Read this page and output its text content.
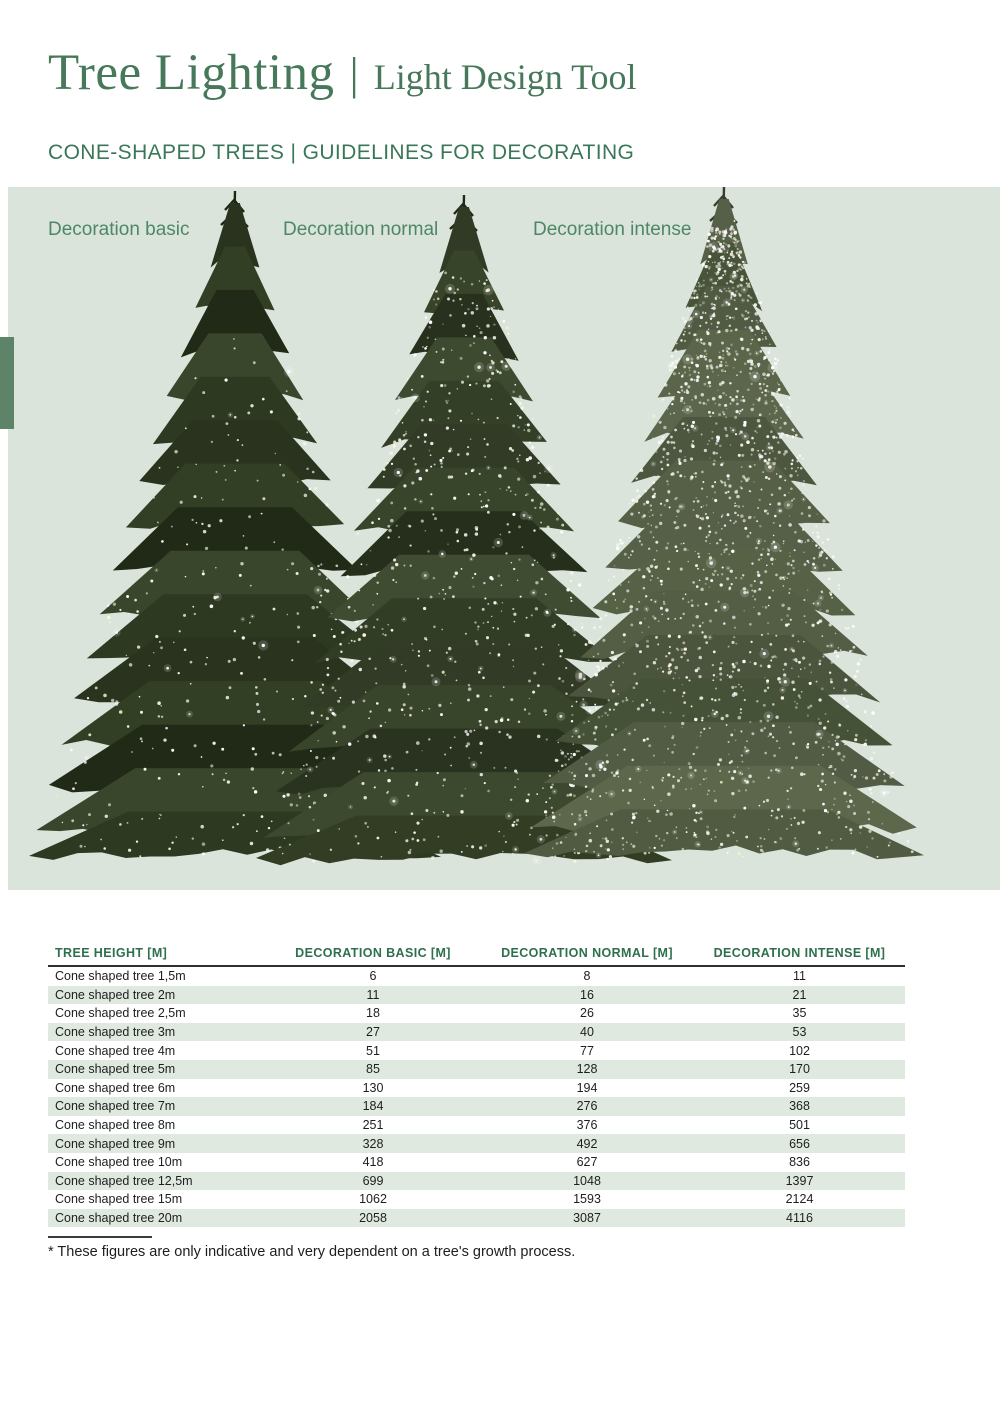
Tree Lighting | Light Design Tool
CONE-SHAPED TREES | GUIDELINES FOR DECORATING
Decoration basic	Decoration normal	Decoration intense
TREE HEIGHT [M]	DECORATION BASIC [M]	DECORATION NORMAL [M]	DECORATION INTENSE [M]
Cone shaped tree 1,5m	6	8	11
Cone shaped tree 2m	11	16	21
Cone shaped tree 2,5m	18	26	35
Cone shaped tree 3m	27	40	53
Cone shaped tree 4m	51	77	102
Cone shaped tree 5m	85	128	170
Cone shaped tree 6m	130	194	259
Cone shaped tree 7m	184	276	368
Cone shaped tree 8m	251	376	501
Cone shaped tree 9m	328	492	656
Cone shaped tree 10m	418	627	836
Cone shaped tree 12,5m	699	1048	1397
Cone shaped tree 15m	1062	1593	2124
Cone shaped tree 20m	2058	3087	4116
* These figures are only indicative and very dependent on a tree's growth process.
